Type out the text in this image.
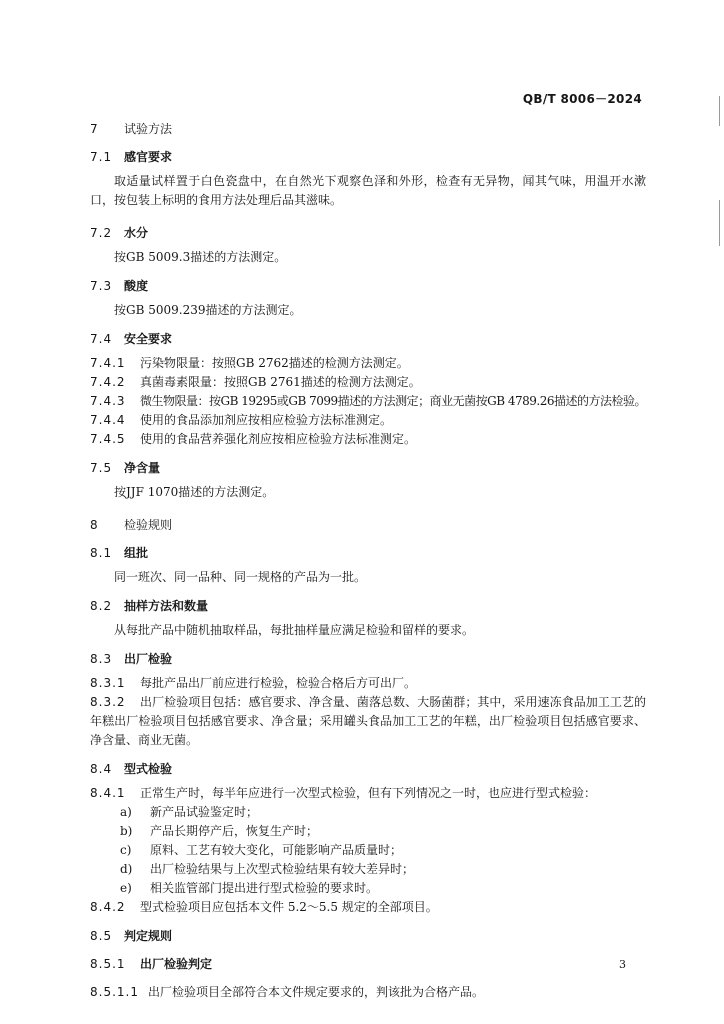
QB/T 8006－2024

7 试验方法

7.1 感官要求

取适量试样置于白色瓷盘中，在自然光下观察色泽和外形，检查有无异物，闻其气味，用温开水漱口，按包装上标明的食用方法处理后品其滋味。

7.2 水分

按GB 5009.3描述的方法测定。

7.3 酸度

按GB 5009.239描述的方法测定。

7.4 安全要求

7.4.1 污染物限量：按照GB 2762描述的检测方法测定。

7.4.2 真菌毒素限量：按照GB 2761描述的检测方法测定。

7.4.3 微生物限量：按GB 19295或GB 7099描述的方法测定；商业无菌按GB 4789.26描述的方法检验。

7.4.4 使用的食品添加剂应按相应检验方法标准测定。

7.4.5 使用的食品营养强化剂应按相应检验方法标准测定。

7.5 净含量

按JJF 1070描述的方法测定。

8 检验规则

8.1 组批

同一班次、同一品种、同一规格的产品为一批。

8.2 抽样方法和数量

从每批产品中随机抽取样品，每批抽样量应满足检验和留样的要求。

8.3 出厂检验

8.3.1 每批产品出厂前应进行检验，检验合格后方可出厂。

8.3.2 出厂检验项目包括：感官要求、净含量、菌落总数、大肠菌群；其中，采用速冻食品加工工艺的年糕出厂检验项目包括感官要求、净含量；采用罐头食品加工工艺的年糕，出厂检验项目包括感官要求、净含量、商业无菌。

8.4 型式检验

8.4.1 正常生产时，每半年应进行一次型式检验，但有下列情况之一时，也应进行型式检验：

a) 新产品试验鉴定时；

b) 产品长期停产后，恢复生产时；

c) 原料、工艺有较大变化，可能影响产品质量时；

d) 出厂检验结果与上次型式检验结果有较大差异时；

e) 相关监管部门提出进行型式检验的要求时。

8.4.2 型式检验项目应包括本文件 5.2～5.5 规定的全部项目。

8.5 判定规则

8.5.1 出厂检验判定

8.5.1.1 出厂检验项目全部符合本文件规定要求的，判该批为合格产品。

3
